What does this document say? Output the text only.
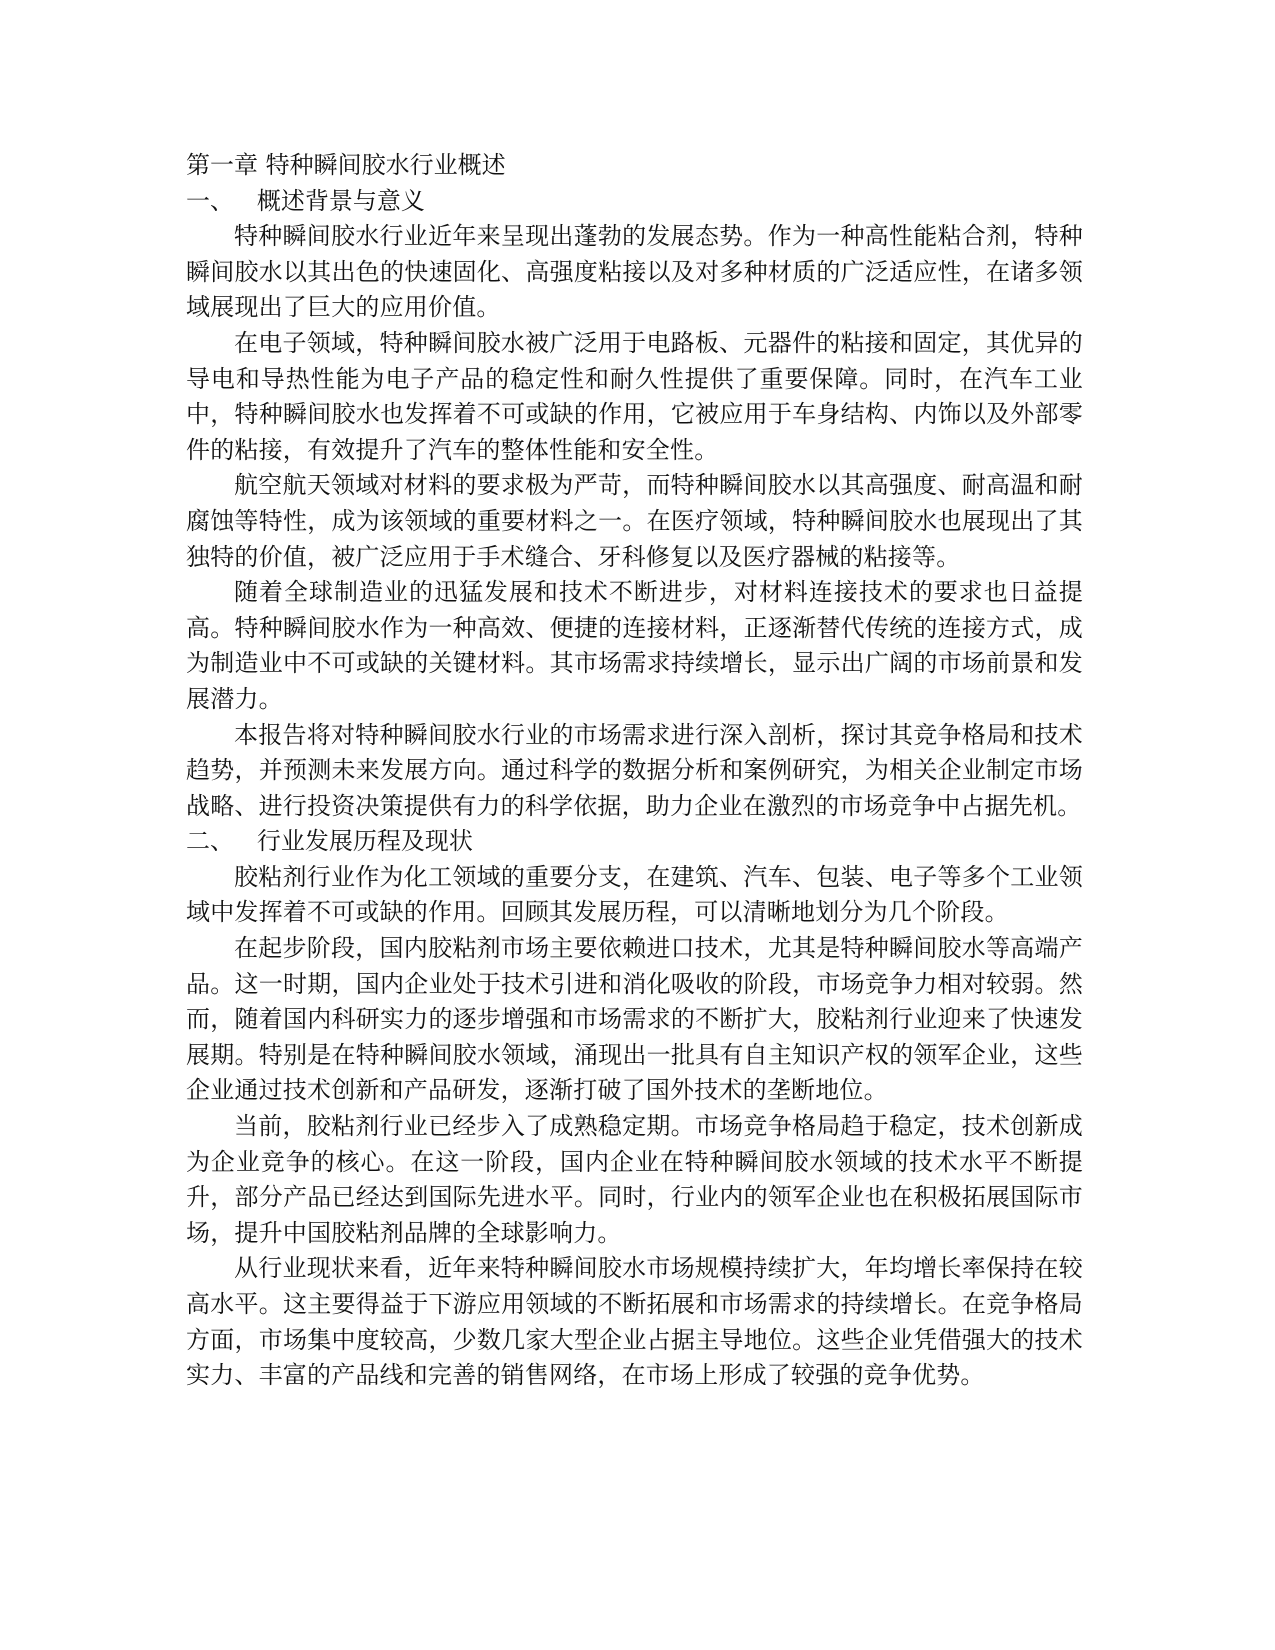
第一章 特种瞬间胶水行业概述
一、   概述背景与意义

特种瞬间胶水行业近年来呈现出蓬勃的发展态势。作为一种高性能粘合剂，特种瞬间胶水以其出色的快速固化、高强度粘接以及对多种材质的广泛适应性，在诸多领域展现出了巨大的应用价值。

在电子领域，特种瞬间胶水被广泛用于电路板、元器件的粘接和固定，其优异的导电和导热性能为电子产品的稳定性和耐久性提供了重要保障。同时，在汽车工业中，特种瞬间胶水也发挥着不可或缺的作用，它被应用于车身结构、内饰以及外部零件的粘接，有效提升了汽车的整体性能和安全性。

航空航天领域对材料的要求极为严苛，而特种瞬间胶水以其高强度、耐高温和耐腐蚀等特性，成为该领域的重要材料之一。在医疗领域，特种瞬间胶水也展现出了其独特的价值，被广泛应用于手术缝合、牙科修复以及医疗器械的粘接等。

随着全球制造业的迅猛发展和技术不断进步，对材料连接技术的要求也日益提高。特种瞬间胶水作为一种高效、便捷的连接材料，正逐渐替代传统的连接方式，成为制造业中不可或缺的关键材料。其市场需求持续增长，显示出广阔的市场前景和发展潜力。

本报告将对特种瞬间胶水行业的市场需求进行深入剖析，探讨其竞争格局和技术趋势，并预测未来发展方向。通过科学的数据分析和案例研究，为相关企业制定市场战略、进行投资决策提供有力的科学依据，助力企业在激烈的市场竞争中占据先机。

二、   行业发展历程及现状

胶粘剂行业作为化工领域的重要分支，在建筑、汽车、包装、电子等多个工业领域中发挥着不可或缺的作用。回顾其发展历程，可以清晰地划分为几个阶段。

在起步阶段，国内胶粘剂市场主要依赖进口技术，尤其是特种瞬间胶水等高端产品。这一时期，国内企业处于技术引进和消化吸收的阶段，市场竞争力相对较弱。然而，随着国内科研实力的逐步增强和市场需求的不断扩大，胶粘剂行业迎来了快速发展期。特别是在特种瞬间胶水领域，涌现出一批具有自主知识产权的领军企业，这些企业通过技术创新和产品研发，逐渐打破了国外技术的垄断地位。

当前，胶粘剂行业已经步入了成熟稳定期。市场竞争格局趋于稳定，技术创新成为企业竞争的核心。在这一阶段，国内企业在特种瞬间胶水领域的技术水平不断提升，部分产品已经达到国际先进水平。同时，行业内的领军企业也在积极拓展国际市场，提升中国胶粘剂品牌的全球影响力。

从行业现状来看，近年来特种瞬间胶水市场规模持续扩大，年均增长率保持在较高水平。这主要得益于下游应用领域的不断拓展和市场需求的持续增长。在竞争格局方面，市场集中度较高，少数几家大型企业占据主导地位。这些企业凭借强大的技术实力、丰富的产品线和完善的销售网络，在市场上形成了较强的竞争优势。
